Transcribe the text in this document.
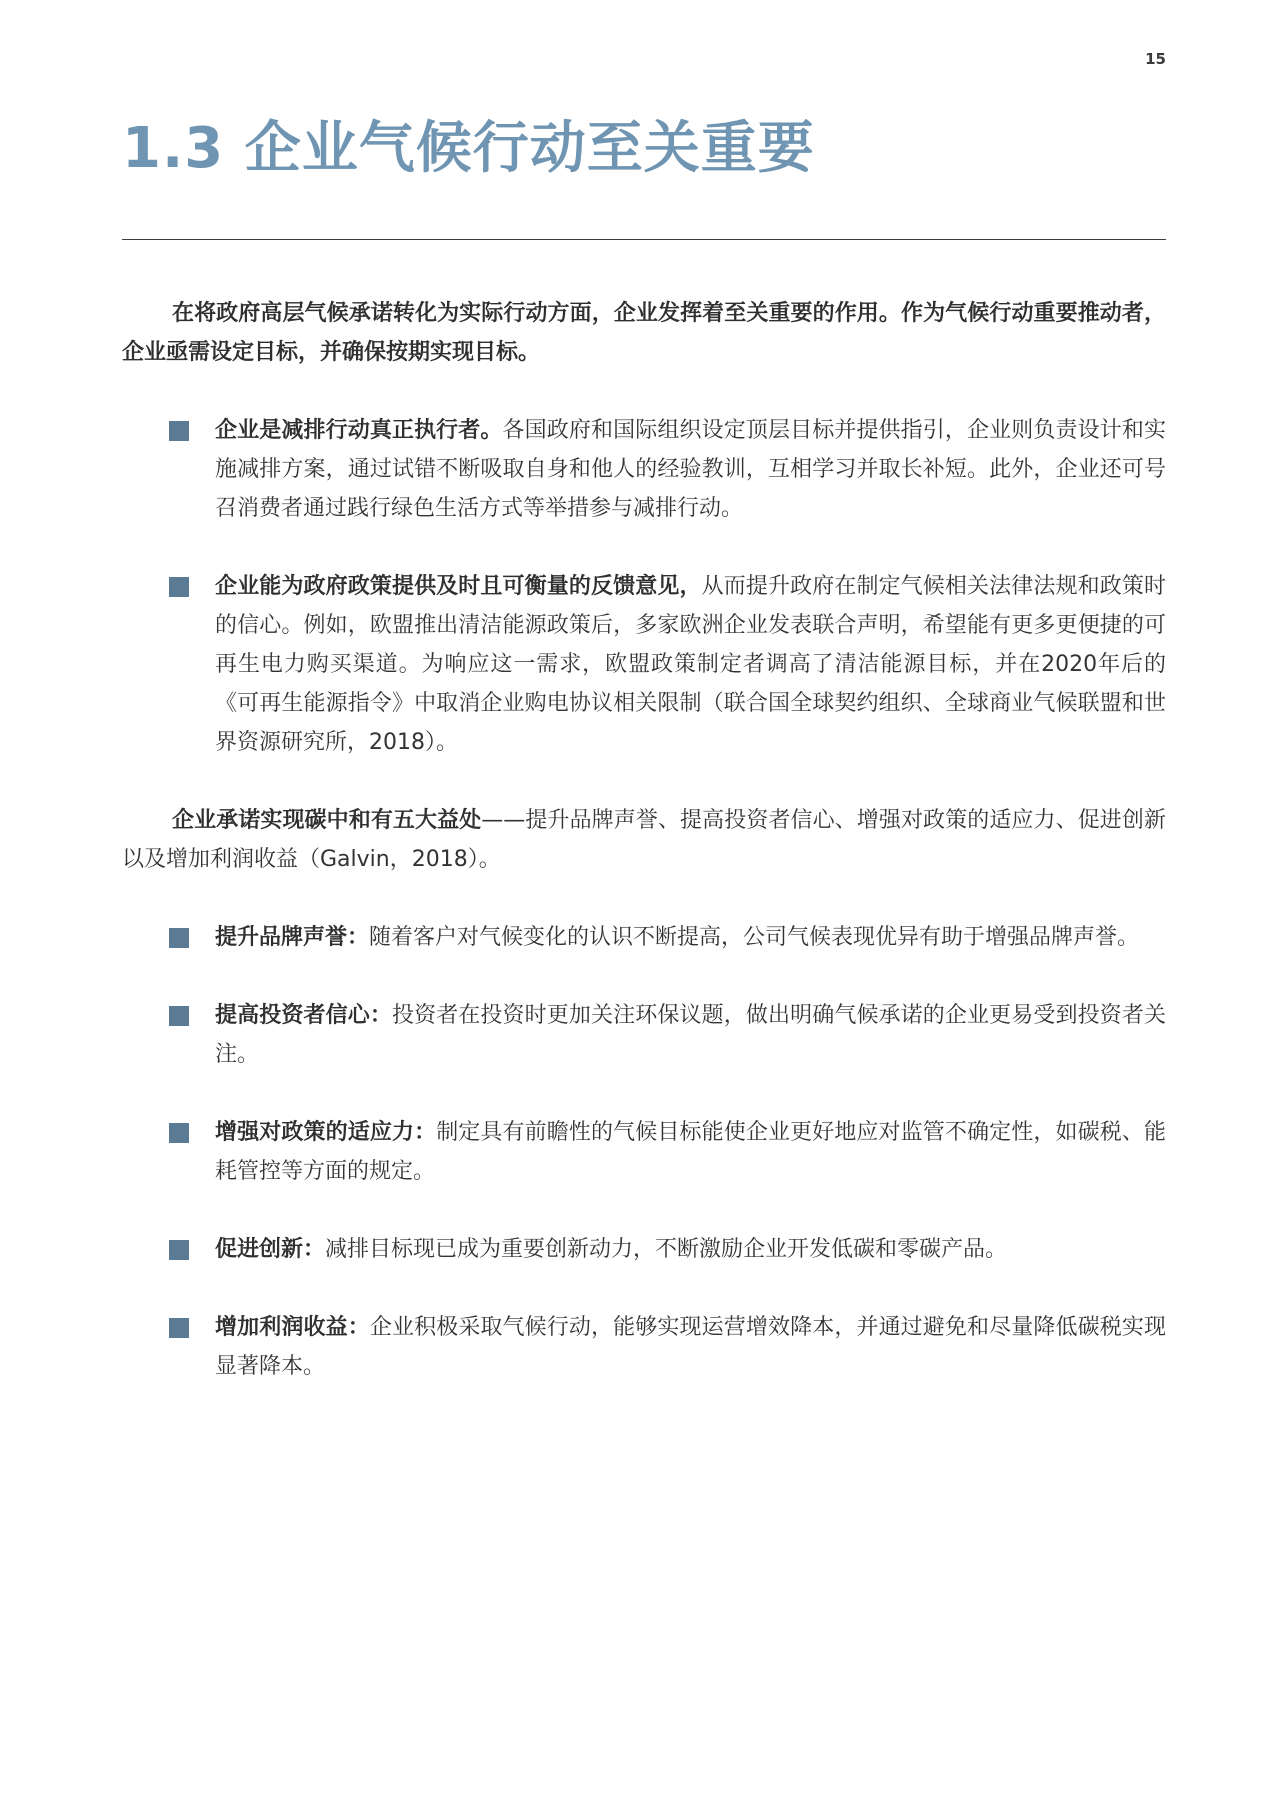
15
1.3 企业气候行动至关重要

在将政府高层气候承诺转化为实际行动方面，企业发挥着至关重要的作用。作为气候行动重要推动者，企业亟需设定目标，并确保按期实现目标。

企业是减排行动真正执行者。各国政府和国际组织设定顶层目标并提供指引，企业则负责设计和实施减排方案，通过试错不断吸取自身和他人的经验教训，互相学习并取长补短。此外，企业还可号召消费者通过践行绿色生活方式等举措参与减排行动。
企业能为政府政策提供及时且可衡量的反馈意见，从而提升政府在制定气候相关法律法规和政策时的信心。例如，欧盟推出清洁能源政策后，多家欧洲企业发表联合声明，希望能有更多更便捷的可再生电力购买渠道。为响应这一需求，欧盟政策制定者调高了清洁能源目标，并在2020年后的《可再生能源指令》中取消企业购电协议相关限制（联合国全球契约组织、全球商业气候联盟和世界资源研究所，2018）。

企业承诺实现碳中和有五大益处——提升品牌声誉、提高投资者信心、增强对政策的适应力、促进创新以及增加利润收益（Galvin，2018）。

提升品牌声誉：随着客户对气候变化的认识不断提高，公司气候表现优异有助于增强品牌声誉。
提高投资者信心：投资者在投资时更加关注环保议题，做出明确气候承诺的企业更易受到投资者关注。
增强对政策的适应力：制定具有前瞻性的气候目标能使企业更好地应对监管不确定性，如碳税、能耗管控等方面的规定。
促进创新：减排目标现已成为重要创新动力，不断激励企业开发低碳和零碳产品。
增加利润收益：企业积极采取气候行动，能够实现运营增效降本，并通过避免和尽量降低碳税实现显著降本。
